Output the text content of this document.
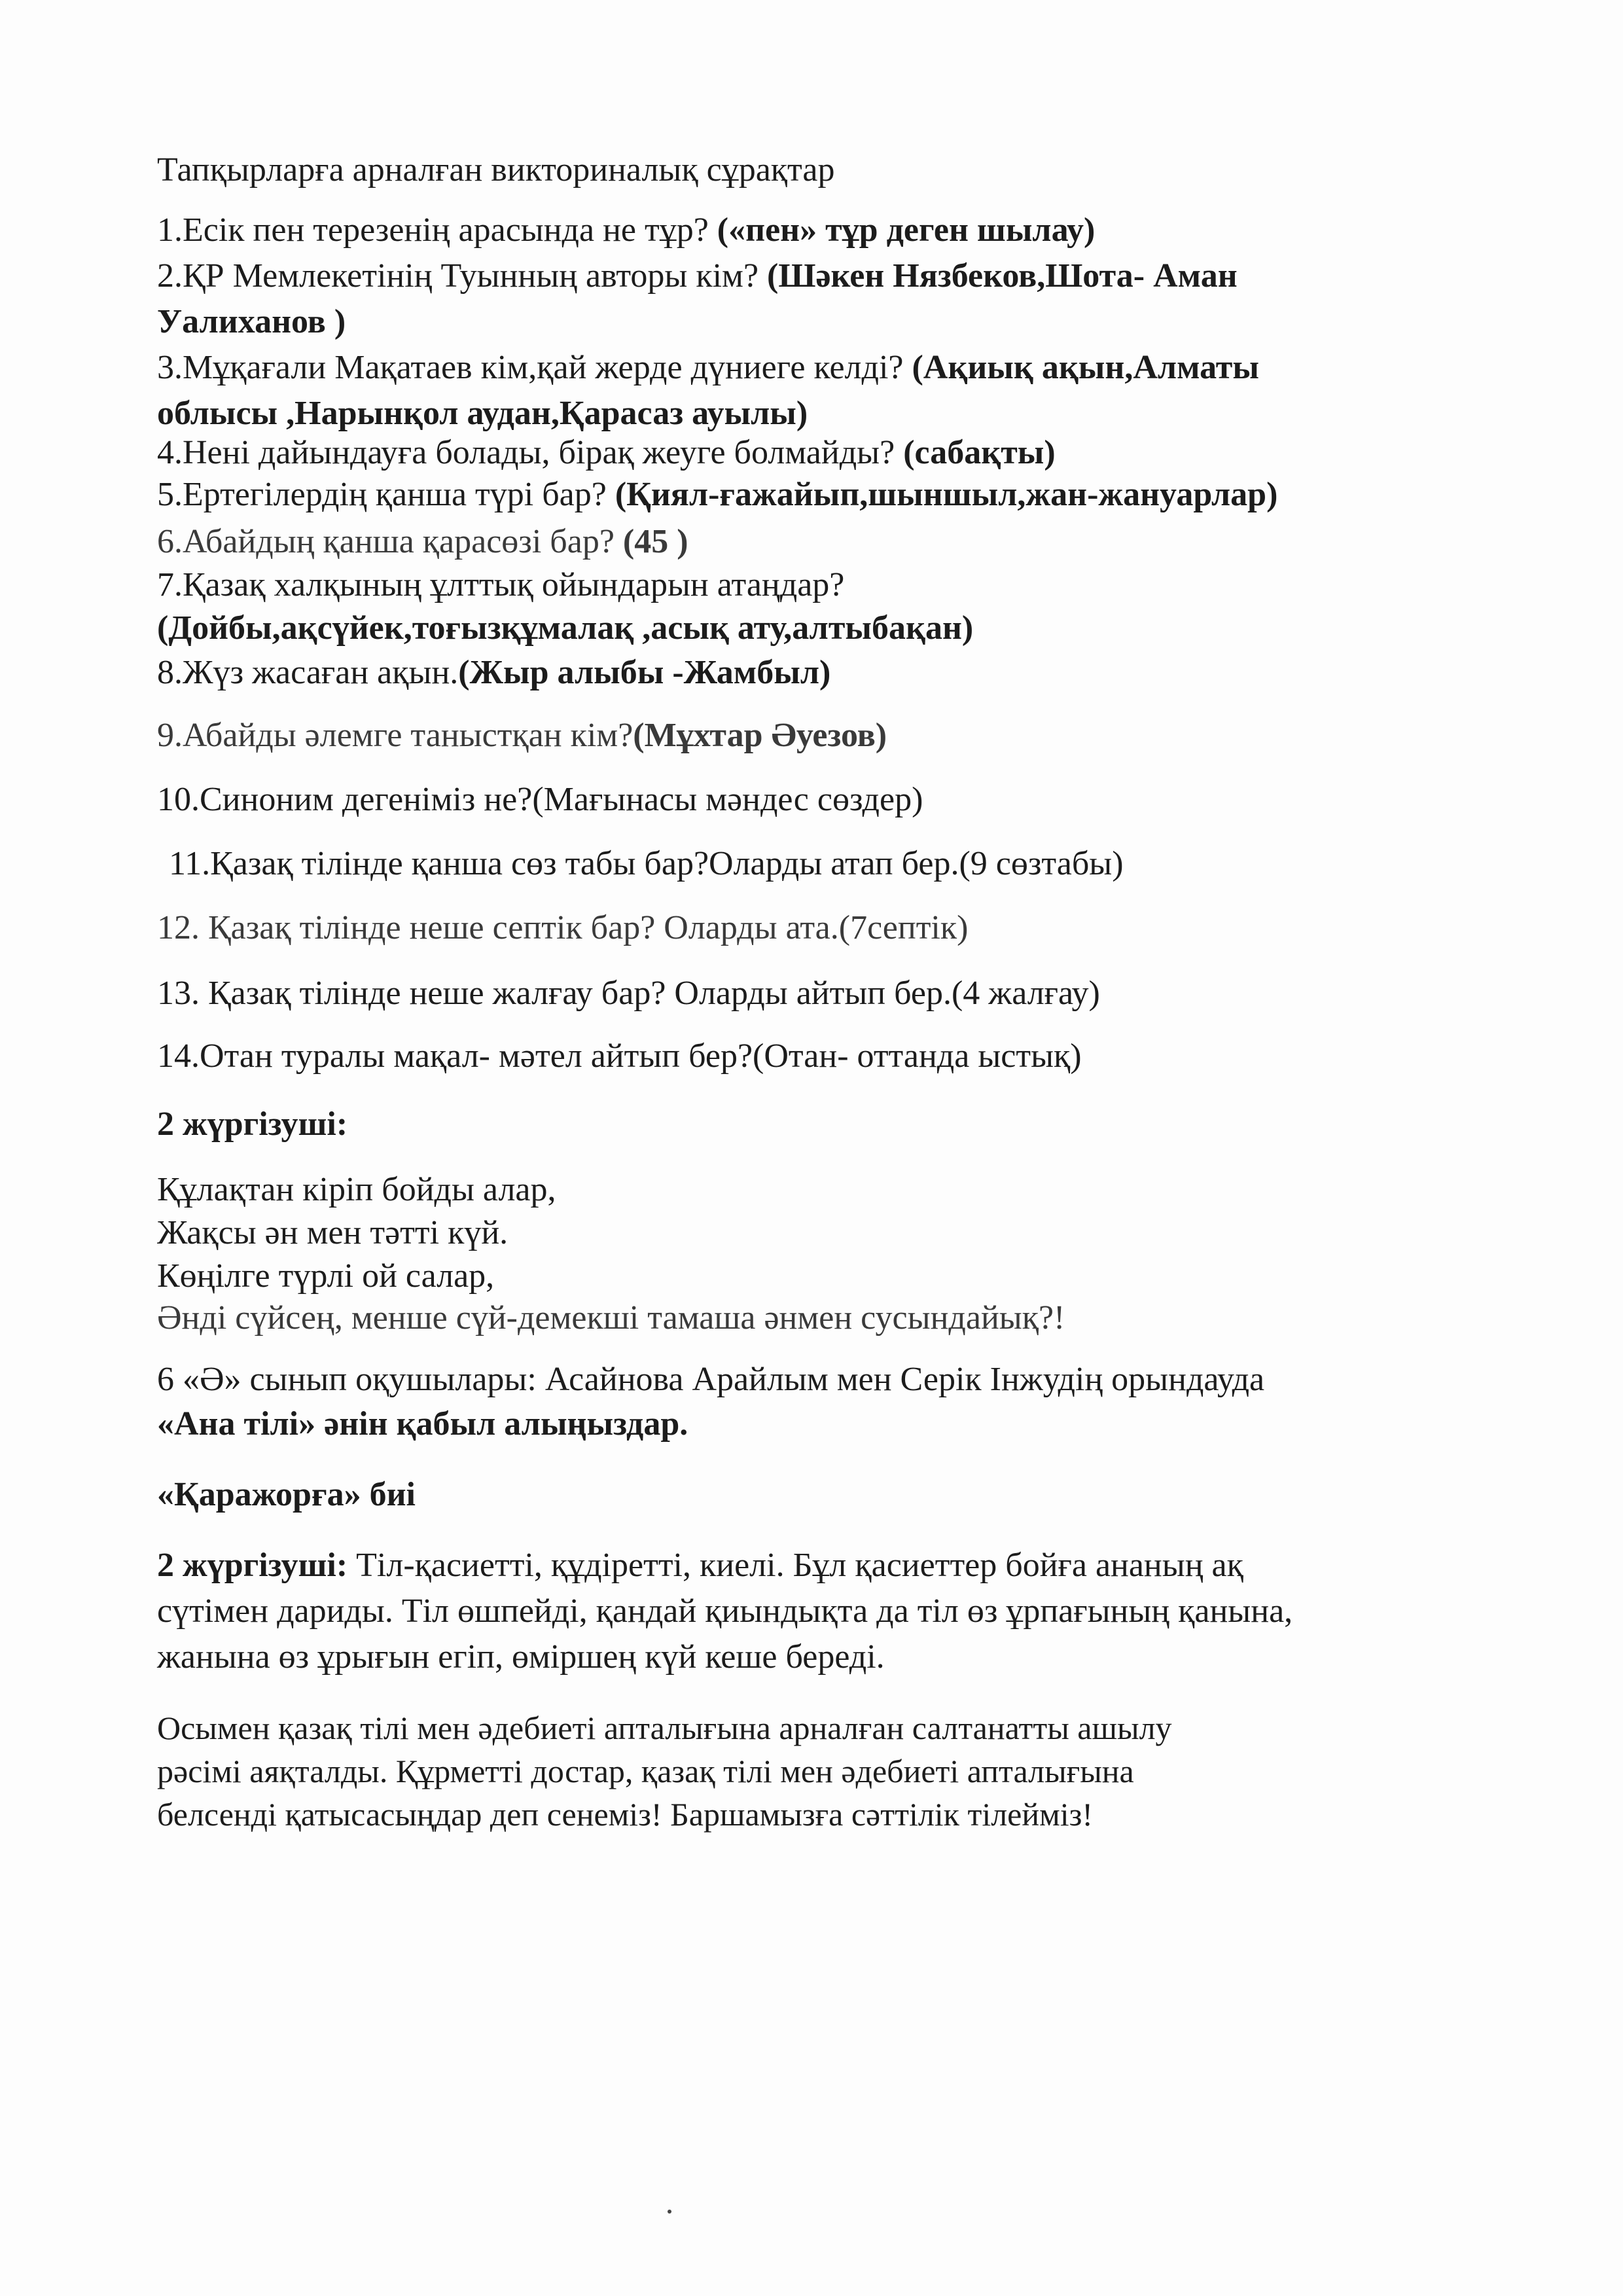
Тапқырларға арналған викториналық сұрақтар
1.Есік пен терезенің арасында не тұр? («пен» тұр деген шылау)
2.ҚР Мемлекетінің Туынның авторы кім? (Шәкен Нязбеков,Шота- Аман
Уалиханов )
3.Мұқағали Мақатаев кім,қай жерде дүниеге келді? (Ақиық ақын,Алматы
облысы ,Нарынқол аудан,Қарасаз ауылы)
4.Нені дайындауға болады, бірақ жеуге болмайды? (сабақты)
5.Ертегілердің қанша түрі бар? (Қиял-ғажайып,шыншыл,жан-жануарлар)
6.Абайдың қанша қарасөзі бар? (45 )
7.Қазақ халқының ұлттық ойындарын атаңдар?
(Дойбы,ақсүйек,тоғызқұмалақ ,асық ату,алтыбақан)
8.Жүз жасаған ақын.(Жыр алыбы -Жамбыл)
9.Абайды әлемге таныстқан кім?(Мұхтар Әуезов)
10.Синоним дегеніміз не?(Мағынасы мәндес сөздер)
11.Қазақ тілінде қанша сөз табы бар?Оларды атап бер.(9 сөзтабы)
12. Қазақ тілінде неше септік бар? Оларды ата.(7септік)
13. Қазақ тілінде неше жалғау бар? Оларды айтып бер.(4 жалғау)
14.Отан туралы мақал- мәтел айтып бер?(Отан- оттанда ыстық)
2 жүргізуші:
Құлақтан кіріп бойды алар,
Жақсы ән мен тәтті күй.
Көңілге түрлі ой салар,
Әнді сүйсең, менше сүй-демекші тамаша әнмен сусындайық?!
6 «Ә» сынып оқушылары: Асайнова Арайлым мен Серік Інжудің орындауда
«Ана тілі» әнін қабыл алыңыздар.
«Қаражорға» биі
2 жүргізуші: Тіл-қасиетті, құдіретті, киелі. Бұл қасиеттер бойға ананың ақ
сүтімен дариды. Тіл өшпейді, қандай қиындықта да тіл өз ұрпағының қанына,
жанына өз ұрығын егіп, өміршең күй кеше береді.
Осымен қазақ тілі мен әдебиеті апталығына арналған салтанатты ашылу
рәсімі аяқталды. Құрметті достар, қазақ тілі мен әдебиеті апталығына
белсенді қатысасыңдар деп сенеміз! Баршамызға сәттілік тілейміз!
